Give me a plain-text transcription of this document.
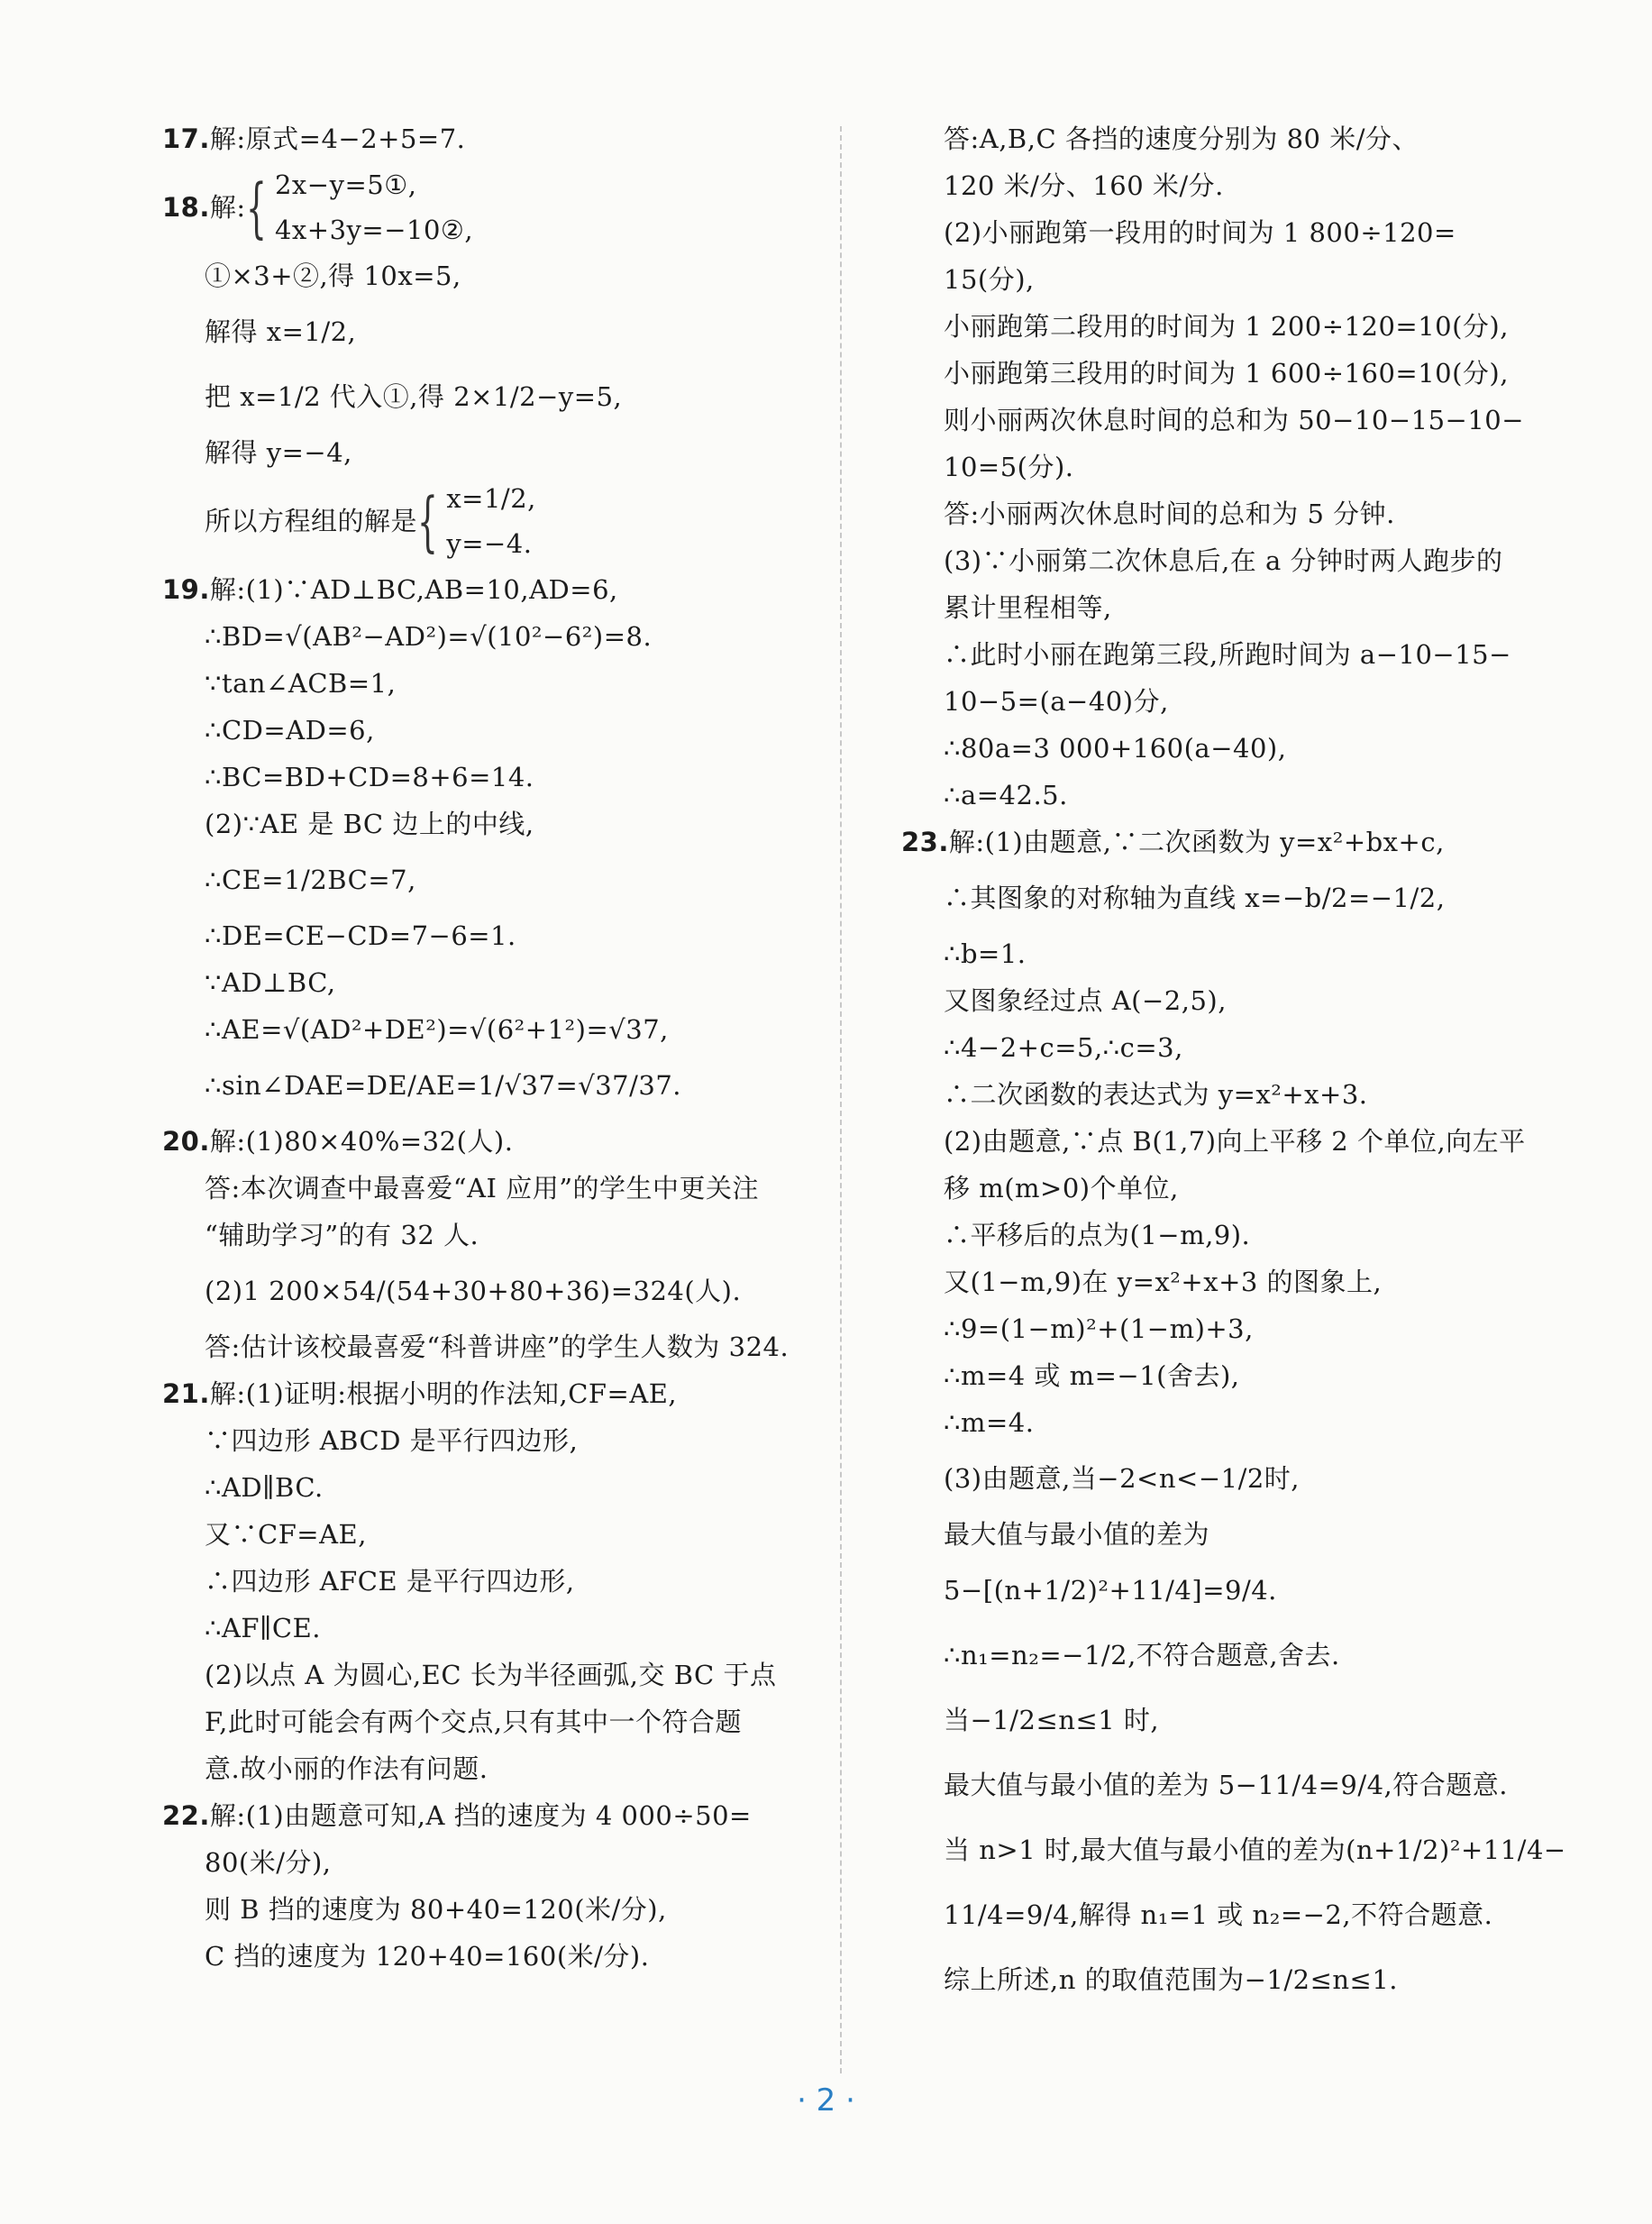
17.解:原式=4−2+5=7.
18. 解: { 2x−y=5①,
4x+3y=−10②,
①×3+②,得 10x=5,
解得 x=1/2,
把 x=1/2 代入①,得 2×1/2−y=5,
解得 y=−4,
所以方程组的解是 { x=1/2,
y=−4.
19.解:(1)∵AD⊥BC,AB=10,AD=6,
∴BD=√(AB²−AD²)=√(10²−6²)=8.
∵tan∠ACB=1,
∴CD=AD=6,
∴BC=BD+CD=8+6=14.
(2)∵AE 是 BC 边上的中线,
∴CE=1/2BC=7,
∴DE=CE−CD=7−6=1.
∵AD⊥BC,
∴AE=√(AD²+DE²)=√(6²+1²)=√37,
∴sin∠DAE=DE/AE=1/√37=√37/37.
20.解:(1)80×40%=32(人).
答:本次调查中最喜爱“AI 应用”的学生中更关注
“辅助学习”的有 32 人.
(2)1 200×54/(54+30+80+36)=324(人).
答:估计该校最喜爱“科普讲座”的学生人数为 324.
21.解:(1)证明:根据小明的作法知,CF=AE,
∵四边形 ABCD 是平行四边形,
∴AD∥BC.
又∵CF=AE,
∴四边形 AFCE 是平行四边形,
∴AF∥CE.
(2)以点 A 为圆心,EC 长为半径画弧,交 BC 于点
F,此时可能会有两个交点,只有其中一个符合题
意.故小丽的作法有问题.
22.解:(1)由题意可知,A 挡的速度为 4 000÷50=
80(米/分),
则 B 挡的速度为 80+40=120(米/分),
C 挡的速度为 120+40=160(米/分).
答:A,B,C 各挡的速度分别为 80 米/分、
120 米/分、160 米/分.
(2)小丽跑第一段用的时间为 1 800÷120=
15(分),
小丽跑第二段用的时间为 1 200÷120=10(分),
小丽跑第三段用的时间为 1 600÷160=10(分),
则小丽两次休息时间的总和为 50−10−15−10−
10=5(分).
答:小丽两次休息时间的总和为 5 分钟.
(3)∵小丽第二次休息后,在 a 分钟时两人跑步的
累计里程相等,
∴此时小丽在跑第三段,所跑时间为 a−10−15−
10−5=(a−40)分,
∴80a=3 000+160(a−40),
∴a=42.5.
23.解:(1)由题意,∵二次函数为 y=x²+bx+c,
∴其图象的对称轴为直线 x=−b/2=−1/2,
∴b=1.
又图象经过点 A(−2,5),
∴4−2+c=5,∴c=3,
∴二次函数的表达式为 y=x²+x+3.
(2)由题意,∵点 B(1,7)向上平移 2 个单位,向左平
移 m(m>0)个单位,
∴平移后的点为(1−m,9).
又(1−m,9)在 y=x²+x+3 的图象上,
∴9=(1−m)²+(1−m)+3,
∴m=4 或 m=−1(舍去),
∴m=4.
(3)由题意,当−2<n<−1/2时,
最大值与最小值的差为
5−[(n+1/2)²+11/4]=9/4.
∴n₁=n₂=−1/2,不符合题意,舍去.
当−1/2≤n≤1 时,
最大值与最小值的差为 5−11/4=9/4,符合题意.
当 n>1 时,最大值与最小值的差为(n+1/2)²+11/4−
11/4=9/4,解得 n₁=1 或 n₂=−2,不符合题意.
综上所述,n 的取值范围为−1/2≤n≤1.
· 2 ·
